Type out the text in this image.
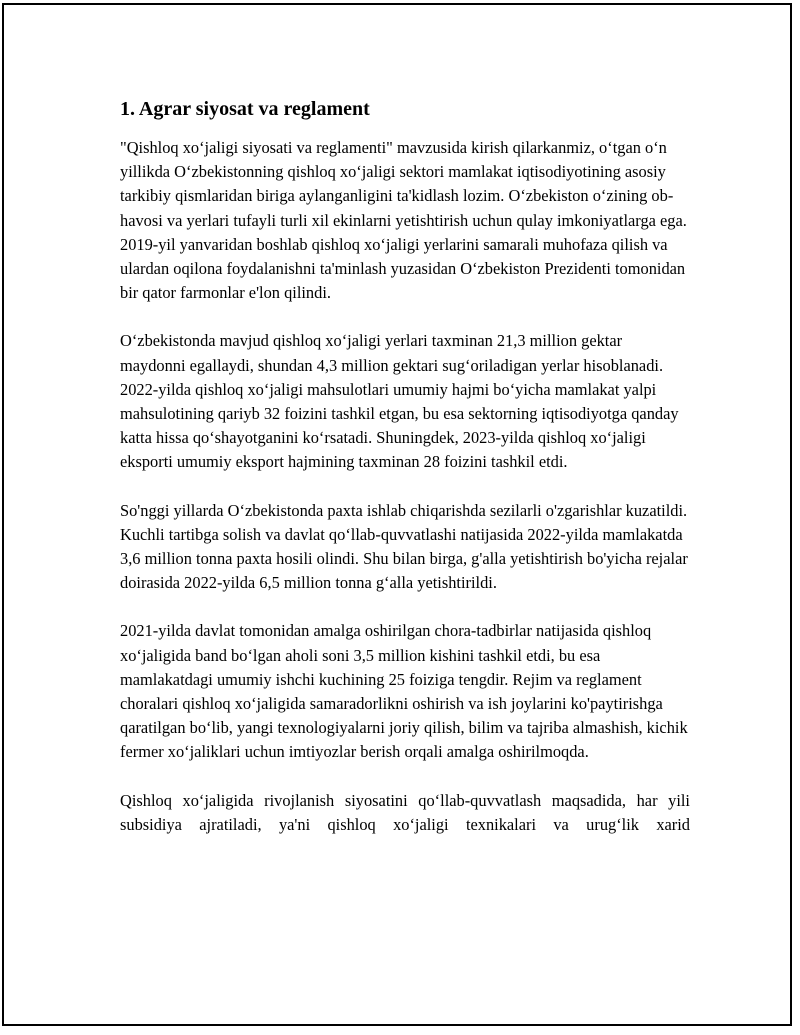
1. Agrar siyosat va reglament

"Qishloq xoʻjaligi siyosati va reglamenti" mavzusida kirish qilarkanmiz, oʻtgan oʻn yillikda Oʻzbekistonning qishloq xoʻjaligi sektori mamlakat iqtisodiyotining asosiy tarkibiy qismlaridan biriga aylanganligini ta'kidlash lozim. Oʻzbekiston oʻzining ob-havosi va yerlari tufayli turli xil ekinlarni yetishtirish uchun qulay imkoniyatlarga ega. 2019-yil yanvaridan boshlab qishloq xoʻjaligi yerlarini samarali muhofaza qilish va ulardan oqilona foydalanishni ta'minlash yuzasidan Oʻzbekiston Prezidenti tomonidan bir qator farmonlar e'lon qilindi.

Oʻzbekistonda mavjud qishloq xoʻjaligi yerlari taxminan 21,3 million gektar maydonni egallaydi, shundan 4,3 million gektari sugʻoriladigan yerlar hisoblanadi. 2022-yilda qishloq xoʻjaligi mahsulotlari umumiy hajmi boʻyicha mamlakat yalpi mahsulotining qariyb 32 foizini tashkil etgan, bu esa sektorning iqtisodiyotga qanday katta hissa qoʻshayotganini koʻrsatadi. Shuningdek, 2023-yilda qishloq xoʻjaligi eksporti umumiy eksport hajmining taxminan 28 foizini tashkil etdi.

So'nggi yillarda Oʻzbekistonda paxta ishlab chiqarishda sezilarli o'zgarishlar kuzatildi. Kuchli tartibga solish va davlat qoʻllab-quvvatlashi natijasida 2022-yilda mamlakatda 3,6 million tonna paxta hosili olindi. Shu bilan birga, g'alla yetishtirish bo'yicha rejalar doirasida 2022-yilda 6,5 million tonna gʻalla yetishtirildi.

2021-yilda davlat tomonidan amalga oshirilgan chora-tadbirlar natijasida qishloq xoʻjaligida band boʻlgan aholi soni 3,5 million kishini tashkil etdi, bu esa mamlakatdagi umumiy ishchi kuchining 25 foiziga tengdir. Rejim va reglament choralari qishloq xoʻjaligida samaradorlikni oshirish va ish joylarini ko'paytirishga qaratilgan boʻlib, yangi texnologiyalarni joriy qilish, bilim va tajriba almashish, kichik fermer xoʻjaliklari uchun imtiyozlar berish orqali amalga oshirilmoqda.

Qishloq xoʻjaligida rivojlanish siyosatini qoʻllab-quvvatlash maqsadida, har yili subsidiya ajratiladi, ya'ni qishloq xoʻjaligi texnikalari va urugʻlik xarid
